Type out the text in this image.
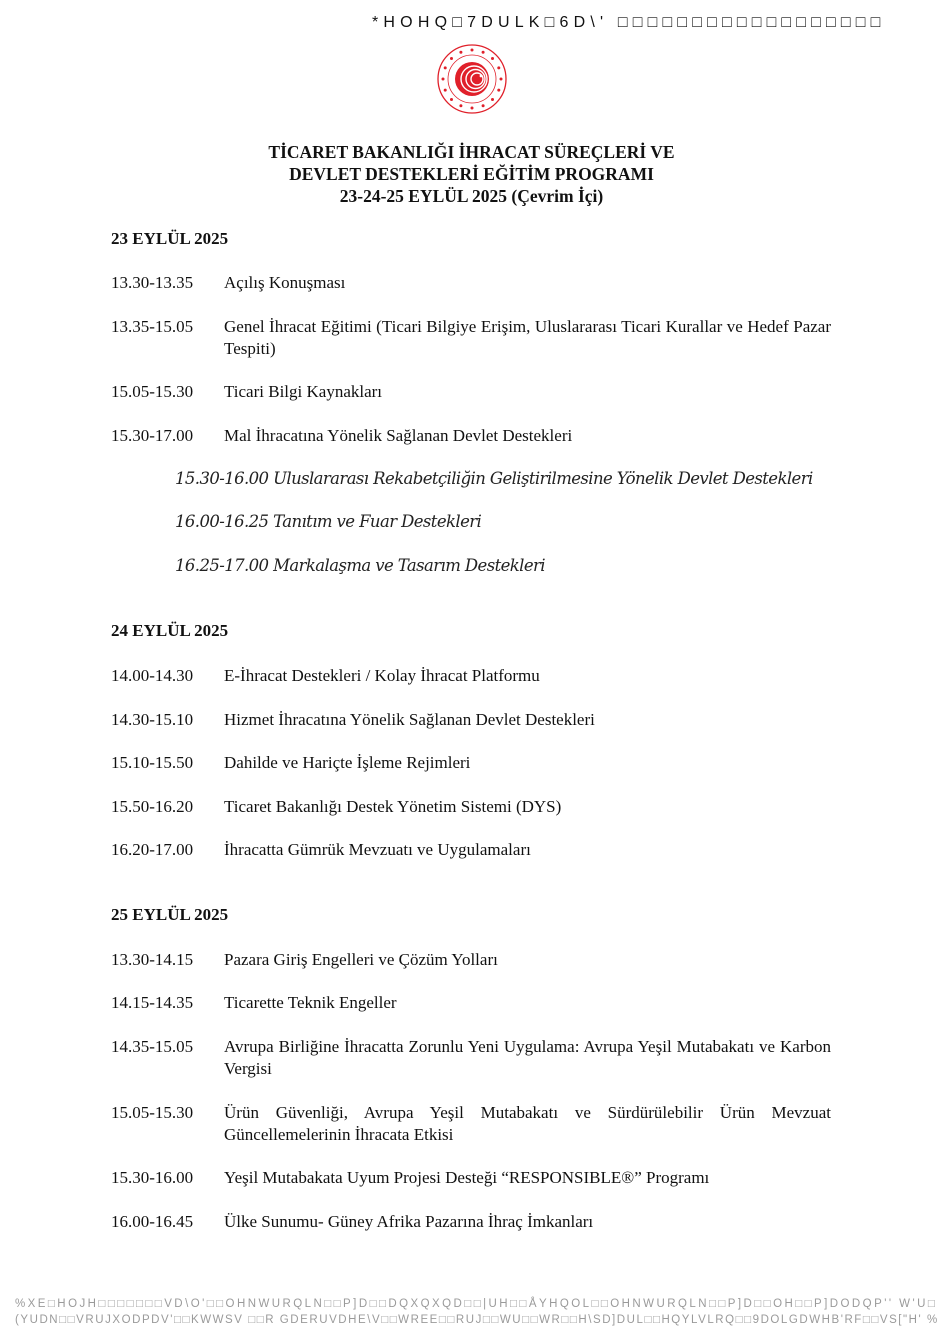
*HOHQ□7DULK□6D\' □□□□□□□□□□□□□□□□□□
TİCARET BAKANLIĞI İHRACAT SÜREÇLERİ VE
DEVLET DESTEKLERİ EĞİTİM PROGRAMI
23-24-25 EYLÜL 2025 (Çevrim İçi)
23 EYLÜL 2025
13.30-13.35 Açılış Konuşması
13.35-15.05 Genel İhracat Eğitimi (Ticari Bilgiye Erişim, Uluslararası Ticari Kurallar ve Hedef Pazar Tespiti)
15.05-15.30 Ticari Bilgi Kaynakları
15.30-17.00 Mal İhracatına Yönelik Sağlanan Devlet Destekleri
15.30-16.00 Uluslararası Rekabetçiliğin Geliştirilmesine Yönelik Devlet Destekleri
16.00-16.25 Tanıtım ve Fuar Destekleri
16.25-17.00 Markalaşma ve Tasarım Destekleri
24 EYLÜL 2025
14.00-14.30 E-İhracat Destekleri / Kolay İhracat Platformu
14.30-15.10 Hizmet İhracatına Yönelik Sağlanan Devlet Destekleri
15.10-15.50 Dahilde ve Hariçte İşleme Rejimleri
15.50-16.20 Ticaret Bakanlığı Destek Yönetim Sistemi (DYS)
16.20-17.00 İhracatta Gümrük Mevzuatı ve Uygulamaları
25 EYLÜL 2025
13.30-14.15 Pazara Giriş Engelleri ve Çözüm Yolları
14.15-14.35 Ticarette Teknik Engeller
14.35-15.05 Avrupa Birliğine İhracatta Zorunlu Yeni Uygulama: Avrupa Yeşil Mutabakatı ve Karbon Vergisi
15.05-15.30 Ürün Güvenliği, Avrupa Yeşil Mutabakatı ve Sürdürülebilir Ürün Mevzuat Güncellemelerinin İhracata Etkisi
15.30-16.00 Yeşil Mutabakata Uyum Projesi Desteği “RESPONSIBLE®” Programı
16.00-16.45 Ülke Sunumu- Güney Afrika Pazarına İhraç İmkanları
%XE□HOJH□□□□□□□VD\O'□□OHNWURQLN□□P]D□□DQXQXQD□□|UH□□ÅYHQOL□□OHNWURQLN□□P]D□□OH□□P]DODQP'' W'U□
(YUDN□□VRUJXODPDV'□□KWWSV □□R GDERUVDHE\V□□WREE□□RUJ□□WU□□WR□□H\SD]DUL□□HQYLVLRQ□□9DOLGDWHB'RF□□VS["H' %
